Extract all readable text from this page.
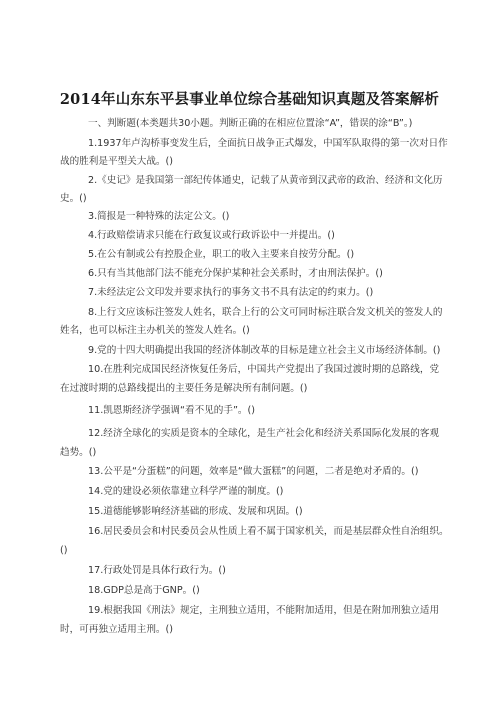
2014年山东东平县事业单位综合基础知识真题及答案解析
一、判断题(本类题共30小题。判断正确的在相应位置涂“A”，错误的涂“B”。)
1.1937年卢沟桥事变发生后，全面抗日战争正式爆发，中国军队取得的第一次对日作
战的胜利是平型关大战。()
2.《史记》是我国第一部纪传体通史，记载了从黄帝到汉武帝的政治、经济和文化历
史。()
3.简报是一种特殊的法定公文。()
4.行政赔偿请求只能在行政复议或行政诉讼中一并提出。()
5.在公有制或公有控股企业，职工的收入主要来自按劳分配。()
6.只有当其他部门法不能充分保护某种社会关系时，才由刑法保护。()
7.未经法定公文印发并要求执行的事务文书不具有法定的约束力。()
8.上行文应该标注签发人姓名，联合上行的公文可同时标注联合发文机关的签发人的
姓名，也可以标注主办机关的签发人姓名。()
9.党的十四大明确提出我国的经济体制改革的目标是建立社会主义市场经济体制。()
10.在胜利完成国民经济恢复任务后，中国共产党提出了我国过渡时期的总路线，党
在过渡时期的总路线提出的主要任务是解决所有制问题。()
11.凯恩斯经济学强调“看不见的手”。()
12.经济全球化的实质是资本的全球化，是生产社会化和经济关系国际化发展的客观
趋势。()
13.公平是“分蛋糕”的问题，效率是“做大蛋糕”的问题，二者是绝对矛盾的。()
14.党的建设必须依靠建立科学严谨的制度。()
15.道德能够影响经济基础的形成、发展和巩固。()
16.居民委员会和村民委员会从性质上看不属于国家机关，而是基层群众性自治组织。
()
17.行政处罚是具体行政行为。()
18.GDP总是高于GNP。()
19.根据我国《刑法》规定，主刑独立适用，不能附加适用，但是在附加刑独立适用
时，可再独立适用主刑。()
